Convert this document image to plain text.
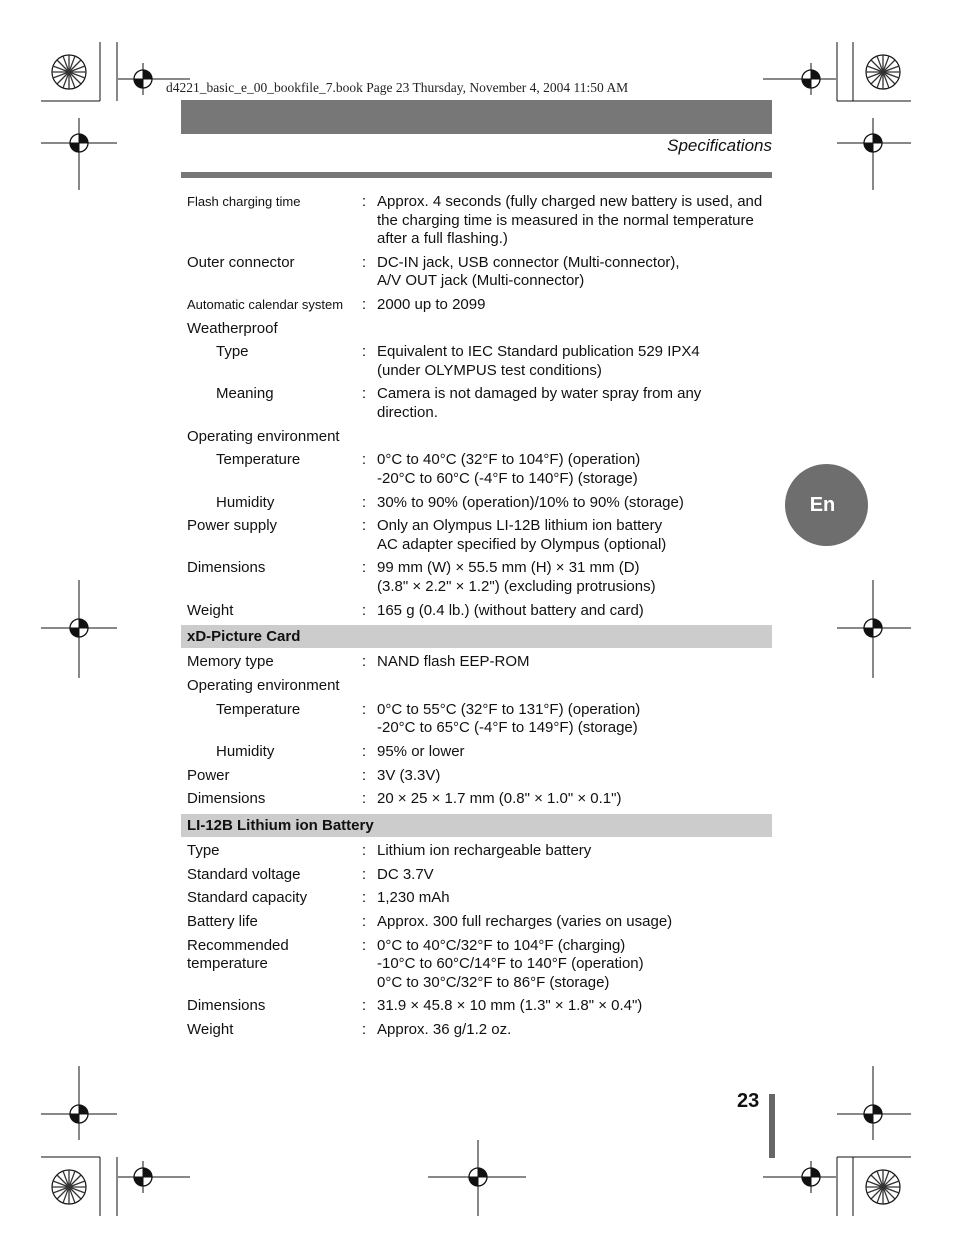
d4221_basic_e_00_bookfile_7.book Page 23 Thursday, November 4, 2004 11:50 AM
Specifications
En
Flash charging time	: Approx. 4 seconds (fully charged new battery is used, and
the charging time is measured in the normal temperature
after a full flashing.)
Outer connector	: DC-IN jack, USB connector (Multi-connector),
A/V OUT jack (Multi-connector)
Automatic calendar system	: 2000 up to 2099
Weatherproof
Type	: Equivalent to IEC Standard publication 529 IPX4
(under OLYMPUS test conditions)
Meaning	: Camera is not damaged by water spray from any
direction.
Operating environment
Temperature	: 0°C to 40°C (32°F to 104°F) (operation)
-20°C to 60°C (-4°F to 140°F) (storage)
Humidity	: 30% to 90% (operation)/10% to 90% (storage)
Power supply	: Only an Olympus LI-12B lithium ion battery
AC adapter specified by Olympus (optional)
Dimensions	: 99 mm (W) × 55.5 mm (H) × 31 mm (D)
(3.8" × 2.2" × 1.2") (excluding protrusions)
Weight	: 165 g (0.4 lb.) (without battery and card)
xD-Picture Card
Memory type	: NAND flash EEP-ROM
Operating environment
Temperature	: 0°C to 55°C (32°F to 131°F) (operation)
-20°C to 65°C (-4°F to 149°F) (storage)
Humidity	: 95% or lower
Power	: 3V (3.3V)
Dimensions	: 20 × 25 × 1.7 mm (0.8" × 1.0" × 0.1")
LI-12B Lithium ion Battery
Type	: Lithium ion rechargeable battery
Standard voltage	: DC 3.7V
Standard capacity	: 1,230 mAh
Battery life	: Approx. 300 full recharges (varies on usage)
Recommended temperature
: 0°C to 40°C/32°F to 104°F (charging)
-10°C to 60°C/14°F to 140°F (operation)
0°C to 30°C/32°F to 86°F (storage)
Dimensions	: 31.9 × 45.8 × 10 mm (1.3" × 1.8" × 0.4")
Weight	: Approx. 36 g/1.2 oz.
23
